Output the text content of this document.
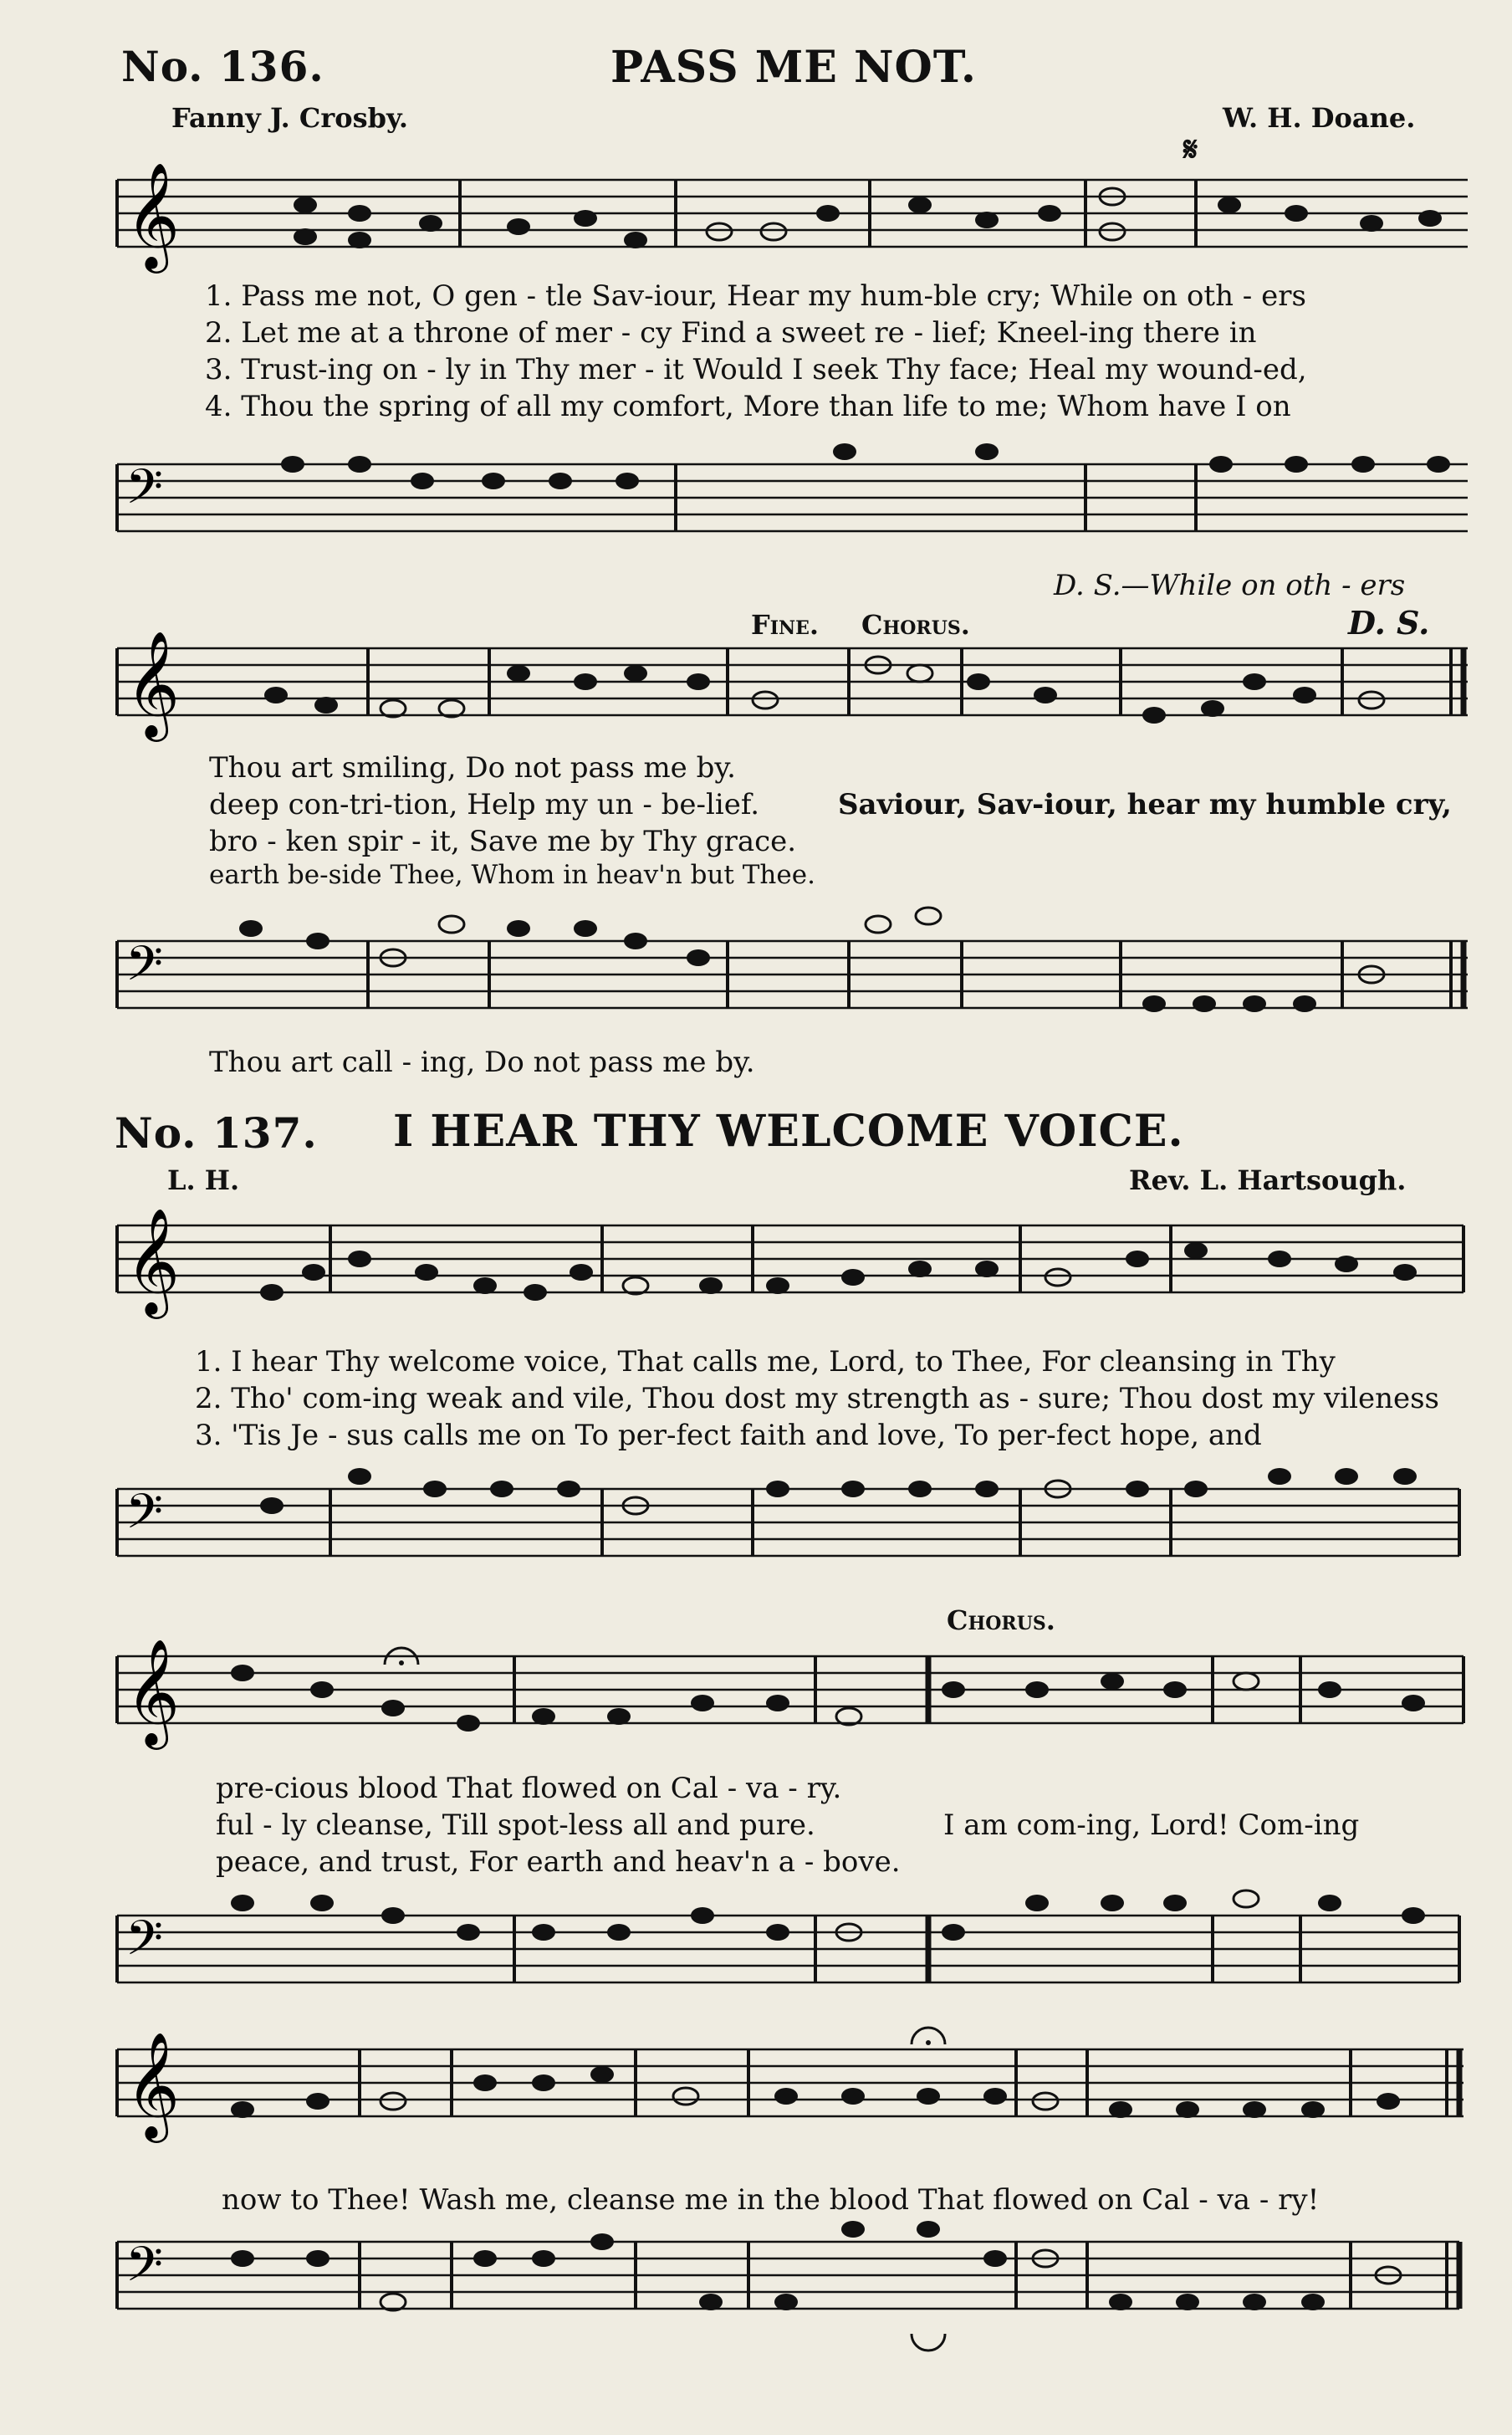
No. 136.	PASS ME NOT.
Fanny J. Crosby.	W. H. Doane.
𝄞
𝄋
1. Pass me not, O gen - tle Sav-iour, Hear my hum-ble cry; While on oth - ers
2. Let me at a throne of mer - cy Find a sweet re - lief; Kneel-ing there in
3. Trust-ing on - ly in Thy mer - it Would I seek Thy face; Heal my wound-ed,
4. Thou the spring of all my comfort, More than life to me; Whom have I on
𝄢
D. S.—While on oth - ers
Fine. Chorus.	D. S.
𝄞
Thou art smiling, Do not pass me by.
deep con-tri-tion, Help my un - be-lief.
bro - ken spir - it, Save me by Thy grace.
earth be-side Thee, Whom in heav'n but Thee.
Saviour, Sav-iour, hear my humble cry,
𝄢
Thou art call - ing, Do not pass me by.
No. 137. I HEAR THY WELCOME VOICE.
L. H.	Rev. L. Hartsough.
𝄞
1. I hear Thy welcome voice, That calls me, Lord, to Thee, For cleansing in Thy
2. Tho' com-ing weak and vile, Thou dost my strength as - sure; Thou dost my vileness
3. 'Tis Je - sus calls me on To per-fect faith and love, To per-fect hope, and
𝄢
Chorus.
𝄞
pre-cious blood That flowed on Cal - va - ry.
ful - ly cleanse, Till spot-less all and pure.
peace, and trust, For earth and heav'n a - bove.
I am com-ing, Lord! Com-ing
𝄢
𝄞
now to Thee! Wash me, cleanse me in the blood That flowed on Cal - va - ry!
𝄢
